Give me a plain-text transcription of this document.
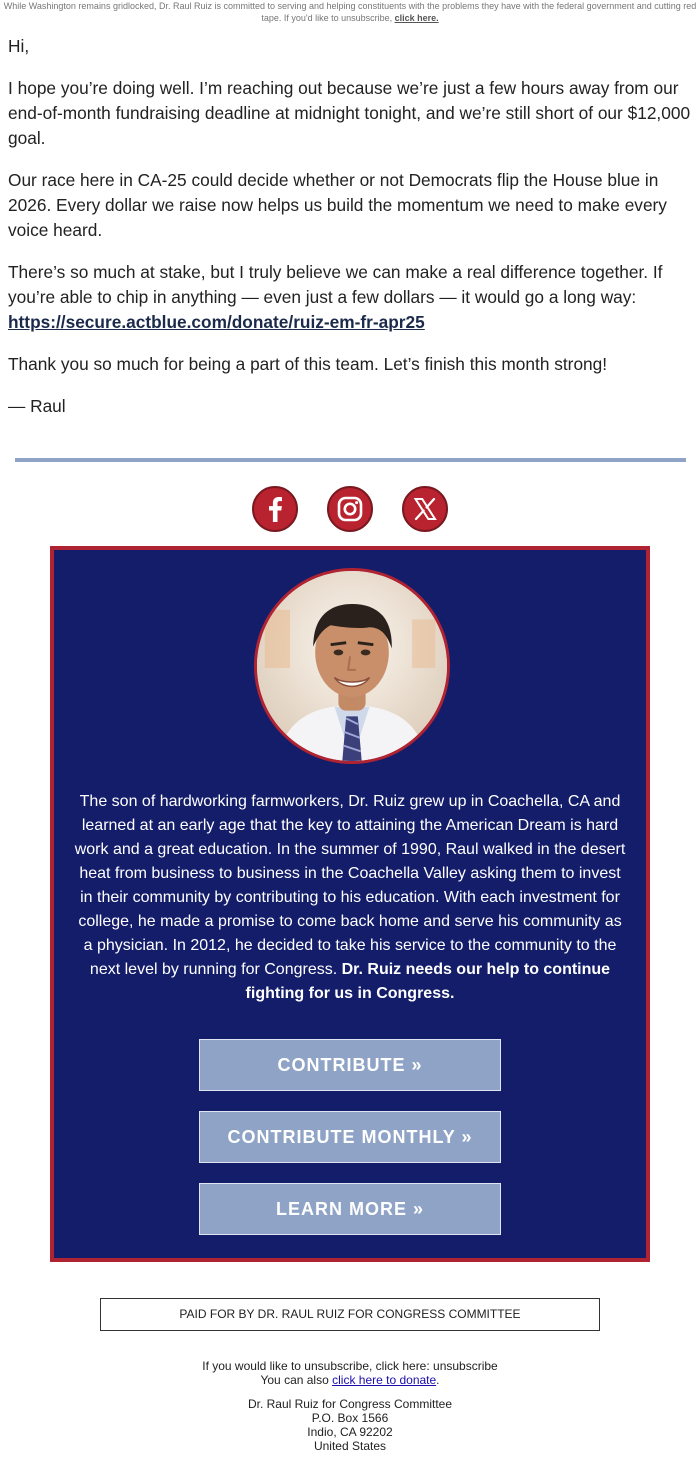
While Washington remains gridlocked, Dr. Raul Ruiz is committed to serving and helping constituents with the problems they have with the federal government and cutting red tape. If you'd like to unsubscribe, click here.

Hi,

I hope you’re doing well. I’m reaching out because we’re just a few hours away from our end-of-month fundraising deadline at midnight tonight, and we’re still short of our $12,000 goal.

Our race here in CA-25 could decide whether or not Democrats flip the House blue in 2026. Every dollar we raise now helps us build the momentum we need to make every voice heard.

There’s so much at stake, but I truly believe we can make a real difference together. If you’re able to chip in anything — even just a few dollars — it would go a long way: https://secure.actblue.com/donate/ruiz-em-fr-apr25

Thank you so much for being a part of this team. Let’s finish this month strong!

— Raul

The son of hardworking farmworkers, Dr. Ruiz grew up in Coachella, CA and learned at an early age that the key to attaining the American Dream is hard work and a great education. In the summer of 1990, Raul walked in the desert heat from business to business in the Coachella Valley asking them to invest in their community by contributing to his education. With each investment for college, he made a promise to come back home and serve his community as a physician. In 2012, he decided to take his service to the community to the next level by running for Congress. Dr. Ruiz needs our help to continue fighting for us in Congress.
CONTRIBUTE »
CONTRIBUTE MONTHLY »
LEARN MORE »
PAID FOR BY DR. RAUL RUIZ FOR CONGRESS COMMITTEE
If you would like to unsubscribe, click here: unsubscribe
You can also click here to donate.
Dr. Raul Ruiz for Congress Committee
P.O. Box 1566
Indio, CA 92202
United States
